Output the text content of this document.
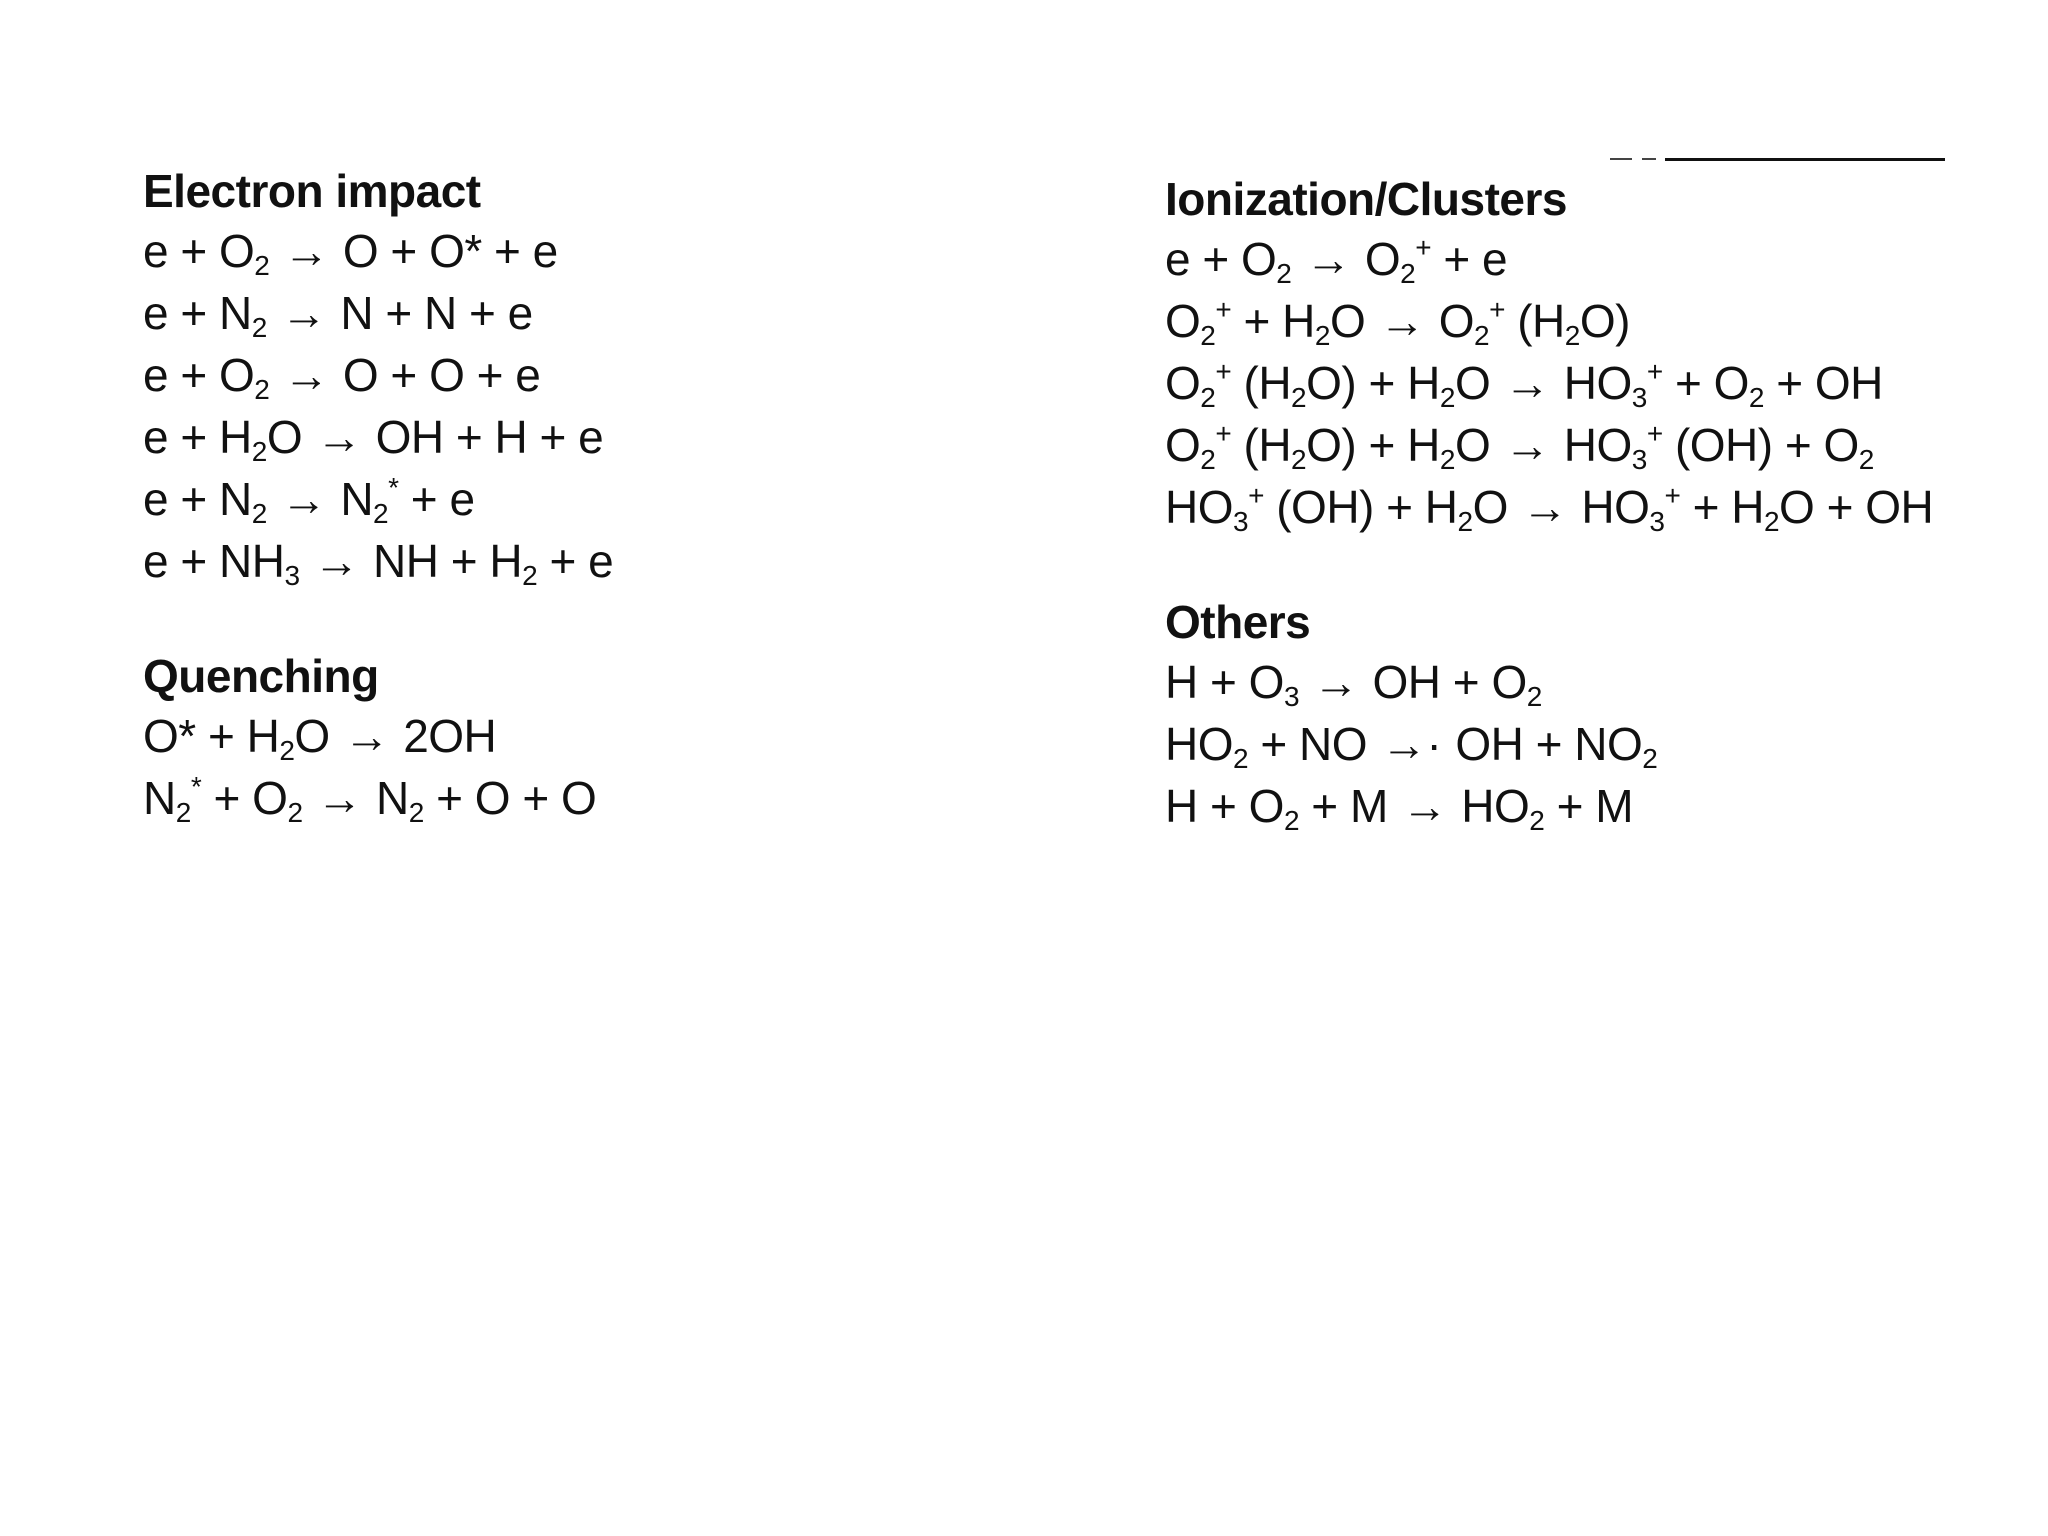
Electron impact
$e + O_2 \to O + O* + e$
$e + N_2 \to N + N + e$
$e + O_2 \to O + O + e$
$e + H_2O$ → OH + H + e
$e + N_2 \to N_2^* + e$
$e + NH_3$ → NH + $H_2 + e$
Quenching
$O* + H_2O \to 2OH$
$N_2^* + O_2 \to N_2 + O + O$
Ionization/Clusters
$e + O_2 \to O_2^+ + e$
$O_2^+ + H_2O \to O_2^+$ $(H_2O)$
$O_2^+$ $(H_2O) + H_2O \to HO_3^+ + O_2$ + OH
$O_2^+$ $(H_2O) + H_2O \to HO_3^+$ $(OH) + O_2$
$HO_3^+$ $(OH) + H_2O \to HO_3^+ + H_2O$ + OH
Others
$H + O_3$ → OH + $O_2$
$HO_2$ + NO →· OH + $NO_2$
$H + O_2 + M \to HO_2 + M$
